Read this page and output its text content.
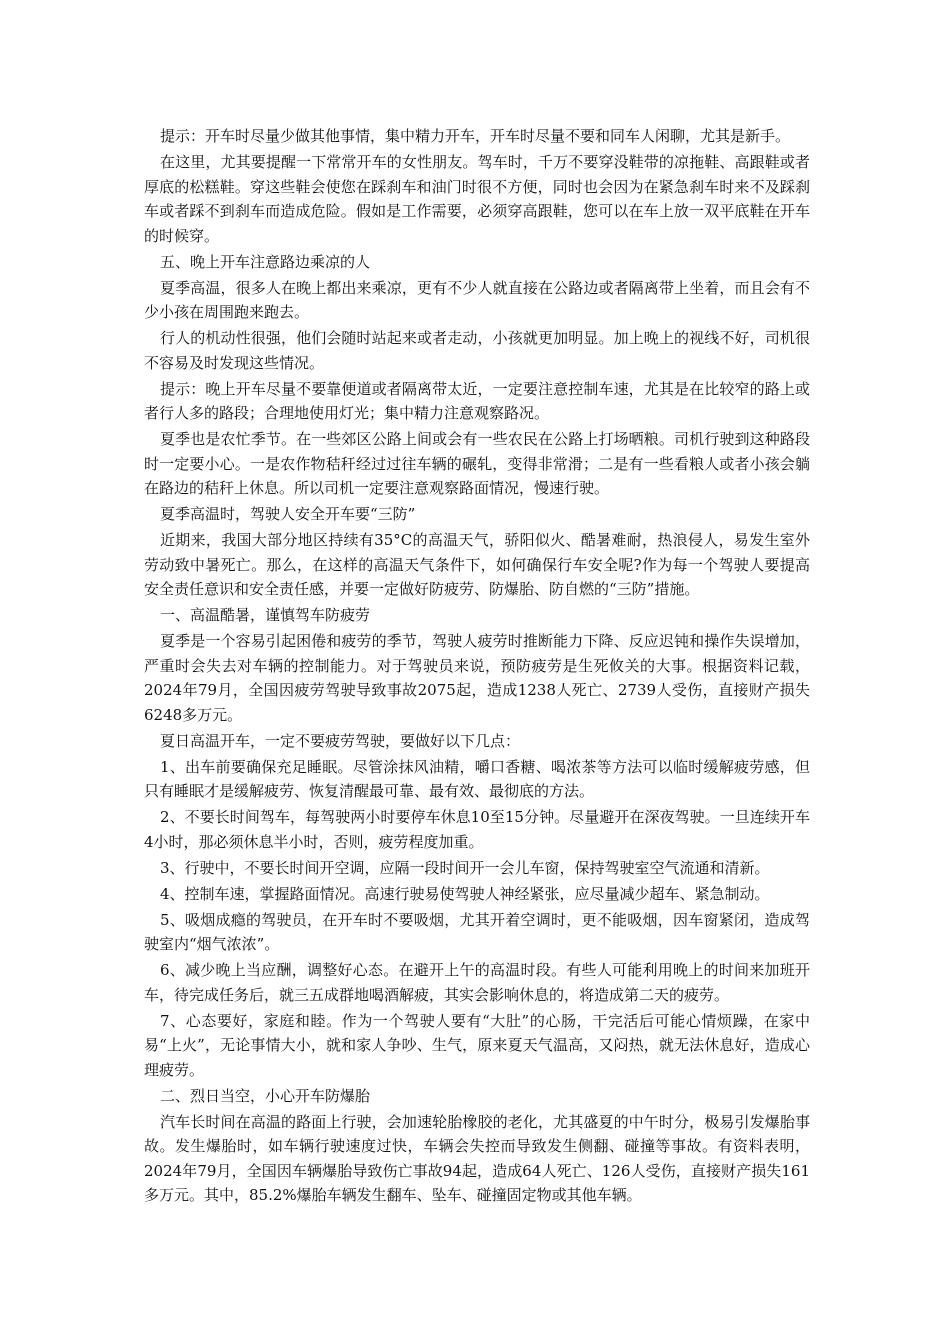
提示：开车时尽量少做其他事情，集中精力开车，开车时尽量不要和同车人闲聊，尤其是新手。

在这里，尤其要提醒一下常常开车的女性朋友。驾车时，千万不要穿没鞋带的凉拖鞋、高跟鞋或者厚底的松糕鞋。穿这些鞋会使您在踩刹车和油门时很不方便，同时也会因为在紧急刹车时来不及踩刹车或者踩不到刹车而造成危险。假如是工作需要，必须穿高跟鞋，您可以在车上放一双平底鞋在开车的时候穿。

五、晚上开车注意路边乘凉的人

夏季高温，很多人在晚上都出来乘凉，更有不少人就直接在公路边或者隔离带上坐着，而且会有不少小孩在周围跑来跑去。

行人的机动性很强，他们会随时站起来或者走动，小孩就更加明显。加上晚上的视线不好，司机很不容易及时发现这些情况。

提示：晚上开车尽量不要靠便道或者隔离带太近，一定要注意控制车速，尤其是在比较窄的路上或者行人多的路段；合理地使用灯光；集中精力注意观察路况。

夏季也是农忙季节。在一些郊区公路上间或会有一些农民在公路上打场晒粮。司机行驶到这种路段时一定要小心。一是农作物秸秆经过过往车辆的碾轧，变得非常滑；二是有一些看粮人或者小孩会躺在路边的秸秆上休息。所以司机一定要注意观察路面情况，慢速行驶。

夏季高温时，驾驶人安全开车要“三防”

近期来，我国大部分地区持续有35°C的高温天气，骄阳似火、酷暑难耐，热浪侵人，易发生室外劳动致中暑死亡。那么，在这样的高温天气条件下，如何确保行车安全呢?作为每一个驾驶人要提高安全责任意识和安全责任感，并要一定做好防疲劳、防爆胎、防自燃的“三防”措施。

一、高温酷暑，谨慎驾车防疲劳

夏季是一个容易引起困倦和疲劳的季节，驾驶人疲劳时推断能力下降、反应迟钝和操作失误增加，严重时会失去对车辆的控制能力。对于驾驶员来说，预防疲劳是生死攸关的大事。根据资料记载，2024年79月，全国因疲劳驾驶导致事故2075起，造成1238人死亡、2739人受伤，直接财产损失6248多万元。

夏日高温开车，一定不要疲劳驾驶，要做好以下几点：

1、出车前要确保充足睡眠。尽管涂抹风油精，嚼口香糖、喝浓茶等方法可以临时缓解疲劳感，但只有睡眠才是缓解疲劳、恢复清醒最可靠、最有效、最彻底的方法。

2、不要长时间驾车，每驾驶两小时要停车休息10至15分钟。尽量避开在深夜驾驶。一旦连续开车4小时，那必须休息半小时，否则，疲劳程度加重。

3、行驶中，不要长时间开空调，应隔一段时间开一会儿车窗，保持驾驶室空气流通和清新。

4、控制车速，掌握路面情况。高速行驶易使驾驶人神经紧张，应尽量减少超车、紧急制动。

5、吸烟成瘾的驾驶员，在开车时不要吸烟，尤其开着空调时，更不能吸烟，因车窗紧闭，造成驾驶室内“烟气浓浓”。

6、减少晚上当应酬，调整好心态。在避开上午的高温时段。有些人可能利用晚上的时间来加班开车，待完成任务后，就三五成群地喝酒解疲，其实会影响休息的，将造成第二天的疲劳。

7、心态要好，家庭和睦。作为一个驾驶人要有“大肚”的心肠，干完活后可能心情烦躁，在家中易“上火”，无论事情大小，就和家人争吵、生气，原来夏天气温高，又闷热，就无法休息好，造成心理疲劳。

二、烈日当空，小心开车防爆胎

汽车长时间在高温的路面上行驶，会加速轮胎橡胶的老化，尤其盛夏的中午时分，极易引发爆胎事故。发生爆胎时，如车辆行驶速度过快，车辆会失控而导致发生侧翻、碰撞等事故。有资料表明，2024年79月，全国因车辆爆胎导致伤亡事故94起，造成64人死亡、126人受伤，直接财产损失161多万元。其中，85.2%爆胎车辆发生翻车、坠车、碰撞固定物或其他车辆。
